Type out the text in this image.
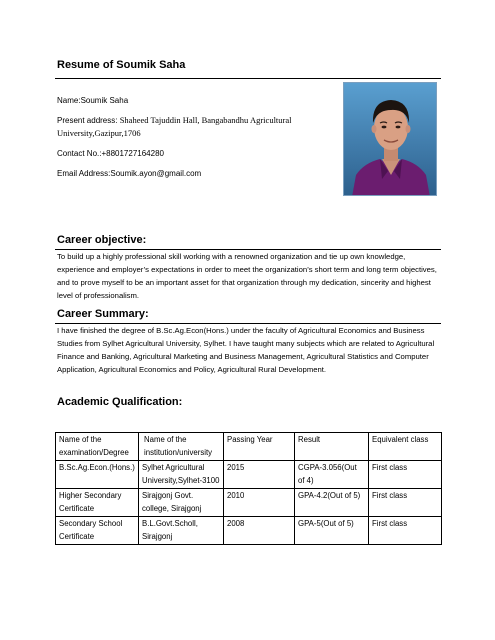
Resume of Soumik Saha
Name:Soumik Saha
Present address: Shaheed Tajuddin Hall, Bangabandhu Agricultural University,Gazipur,1706
Contact No.:+8801727164280
Email Address:Soumik.ayon@gmail.com
Career objective:
To build up a highly professional skill working with a renowned organization and tie up own knowledge, experience and employer’s expectations in order to meet the organization’s short term and long term objectives, and to prove myself to be an important asset for that organization through my dedication, sincerity and highest level of professionalism.
Career Summary:
I have finished the degree of B.Sc.Ag.Econ(Hons.) under the faculty of Agricultural Economics and Business Studies from Sylhet Agricultural University, Sylhet. I have taught many subjects which are related to Agricultural Finance and Banking, Agricultural Marketing and Business Management, Agricultural Statistics and Computer Application, Agricultural Economics and Policy, Agricultural Rural Development.
Academic Qualification:
Name of the examination/Degree	Name of the institution/university	Passing Year	Result	Equivalent class
B.Sc.Ag.Econ.(Hons.)	Sylhet Agricultural University,Sylhet-3100	2015	CGPA-3.056(Out of 4)	First class
Higher Secondary Certificate	Sirajgonj Govt. college, Sirajgonj	2010	GPA-4.2(Out of 5)	First class
Secondary School Certificate	B.L.Govt.Scholl, Sirajgonj	2008	GPA-5(Out of 5)	First class
